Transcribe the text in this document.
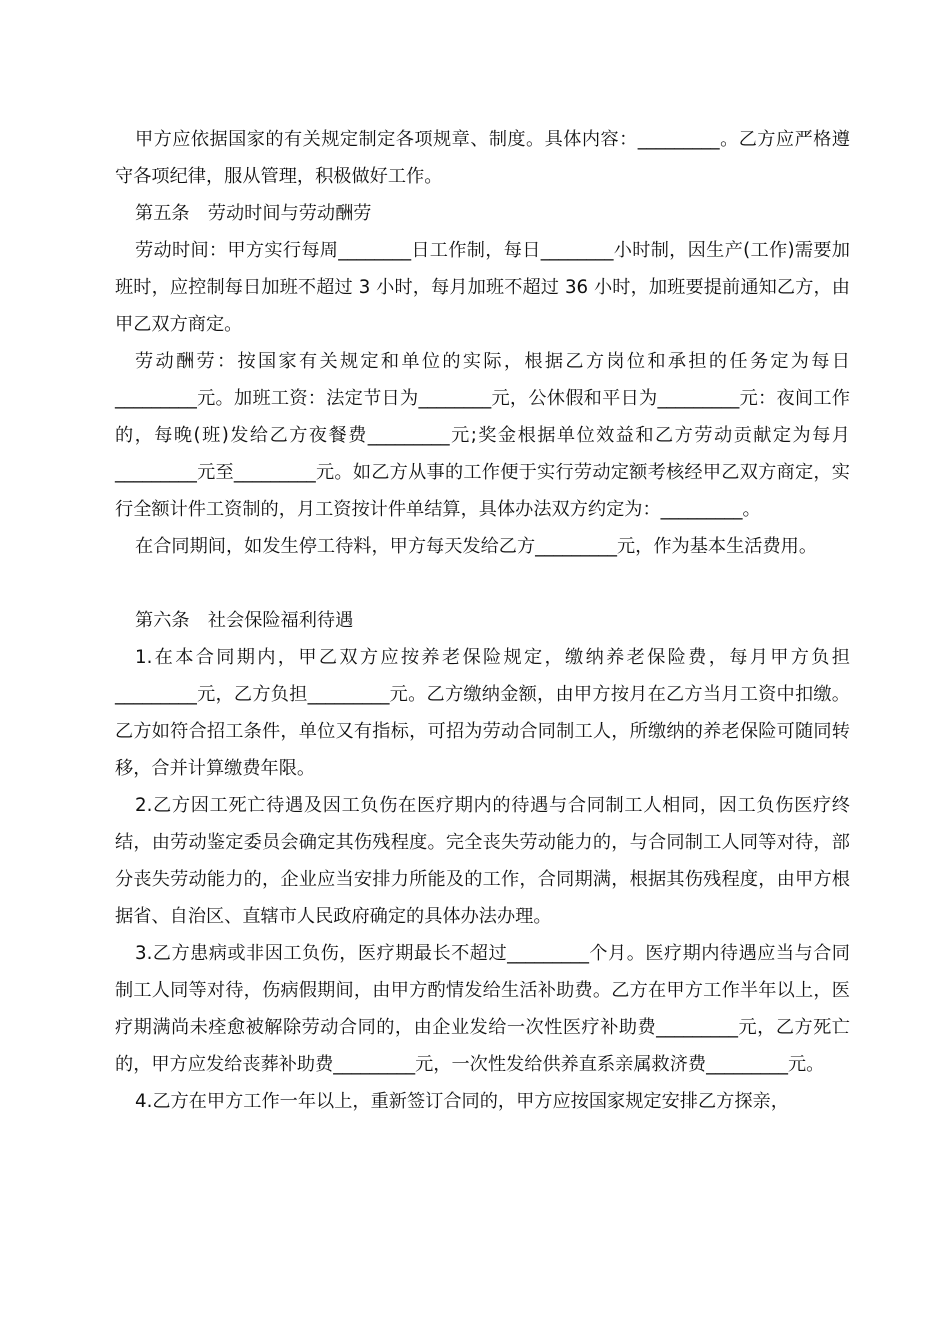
甲方应依据国家的有关规定制定各项规章、制度。具体内容：_________。乙方应严格遵守各项纪律，服从管理，积极做好工作。

第五条　劳动时间与劳动酬劳

劳动时间：甲方实行每周________日工作制，每日________小时制，因生产(工作)需要加班时，应控制每日加班不超过 3 小时，每月加班不超过 36 小时，加班要提前通知乙方，由甲乙双方商定。

劳动酬劳：按国家有关规定和单位的实际，根据乙方岗位和承担的任务定为每日_________元。加班工资：法定节日为________元，公休假和平日为_________元：夜间工作的，每晚(班)发给乙方夜餐费_________元;奖金根据单位效益和乙方劳动贡献定为每月_________元至_________元。如乙方从事的工作便于实行劳动定额考核经甲乙双方商定，实行全额计件工资制的，月工资按计件单结算，具体办法双方约定为：_________。

在合同期间，如发生停工待料，甲方每天发给乙方_________元，作为基本生活费用。

第六条　社会保险福利待遇

1.在本合同期内，甲乙双方应按养老保险规定，缴纳养老保险费，每月甲方负担_________元，乙方负担_________元。乙方缴纳金额，由甲方按月在乙方当月工资中扣缴。乙方如符合招工条件，单位又有指标，可招为劳动合同制工人，所缴纳的养老保险可随同转移，合并计算缴费年限。

2.乙方因工死亡待遇及因工负伤在医疗期内的待遇与合同制工人相同，因工负伤医疗终结，由劳动鉴定委员会确定其伤残程度。完全丧失劳动能力的，与合同制工人同等对待，部分丧失劳动能力的，企业应当安排力所能及的工作，合同期满，根据其伤残程度，由甲方根据省、自治区、直辖市人民政府确定的具体办法办理。

3.乙方患病或非因工负伤，医疗期最长不超过_________个月。医疗期内待遇应当与合同制工人同等对待，伤病假期间，由甲方酌情发给生活补助费。乙方在甲方工作半年以上，医疗期满尚未痊愈被解除劳动合同的，由企业发给一次性医疗补助费_________元，乙方死亡的，甲方应发给丧葬补助费_________元，一次性发给供养直系亲属救济费_________元。

4.乙方在甲方工作一年以上，重新签订合同的，甲方应按国家规定安排乙方探亲，
